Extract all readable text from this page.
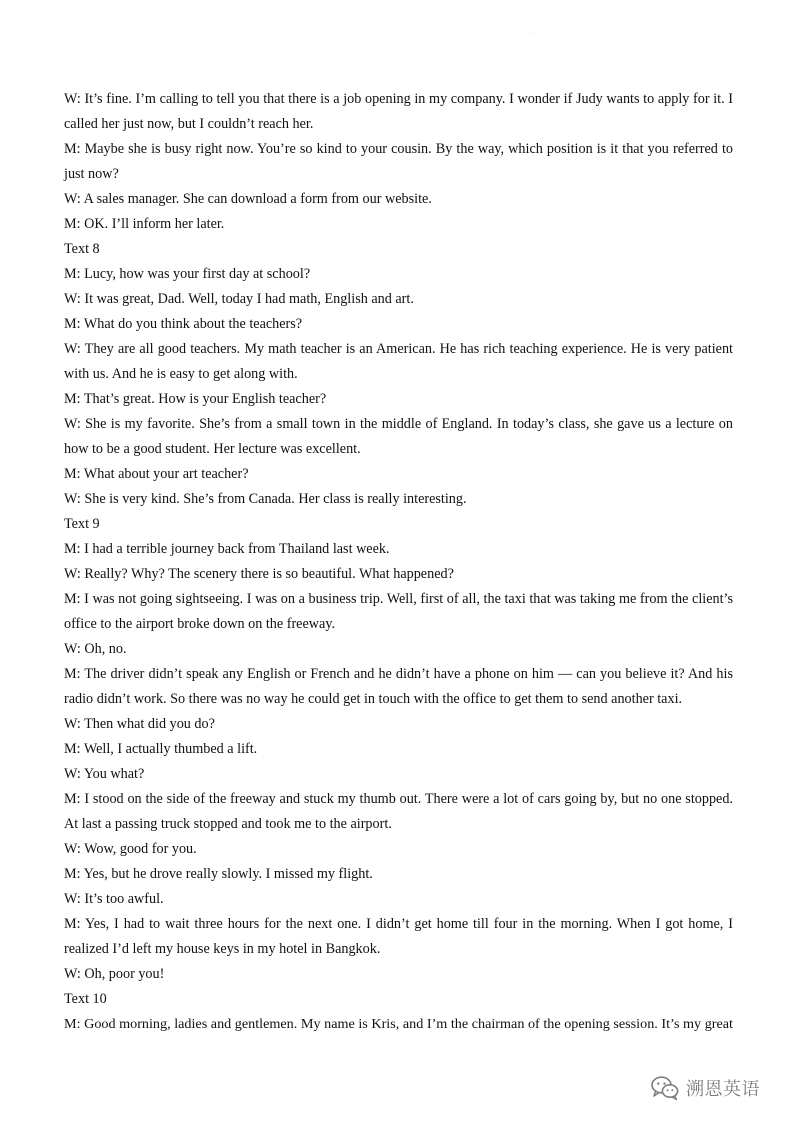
.
W: It’s fine. I’m calling to tell you that there is a job opening in my company. I wonder if Judy wants to apply for it. I
called her just now, but I couldn’t reach her.
M: Maybe she is busy right now. You’re so kind to your cousin. By the way, which position is it that you referred to
just now?
W: A sales manager. She can download a form from our website.
M: OK. I’ll inform her later.
Text 8
M: Lucy, how was your first day at school?
W: It was great, Dad. Well, today I had math, English and art.
M: What do you think about the teachers?
W: They are all good teachers. My math teacher is an American. He has rich teaching experience. He is very patient
with us. And he is easy to get along with.
M: That’s great. How is your English teacher?
W: She is my favorite. She’s from a small town in the middle of England. In today’s class, she gave us a lecture on
how to be a good student. Her lecture was excellent.
M: What about your art teacher?
W: She is very kind. She’s from Canada. Her class is really interesting.
Text 9
M: I had a terrible journey back from Thailand last week.
W: Really? Why? The scenery there is so beautiful. What happened?
M: I was not going sightseeing. I was on a business trip. Well, first of all, the taxi that was taking me from the client’s
office to the airport broke down on the freeway.
W: Oh, no.
M: The driver didn’t speak any English or French and he didn’t have a phone on him — can you believe it? And his
radio didn’t work. So there was no way he could get in touch with the office to get them to send another taxi.
W: Then what did you do?
M: Well, I actually thumbed a lift.
W: You what?
M: I stood on the side of the freeway and stuck my thumb out. There were a lot of cars going by, but no one stopped.
At last a passing truck stopped and took me to the airport.
W: Wow, good for you.
M: Yes, but he drove really slowly. I missed my flight.
W: It’s too awful.
M: Yes, I had to wait three hours for the next one. I didn’t get home till four in the morning. When I got home, I
realized I’d left my house keys in my hotel in Bangkok.
W: Oh, poor you!
Text 10
M: Good morning, ladies and gentlemen. My name is Kris, and I’m the chairman of the opening session. It’s my great
溯恩英语
